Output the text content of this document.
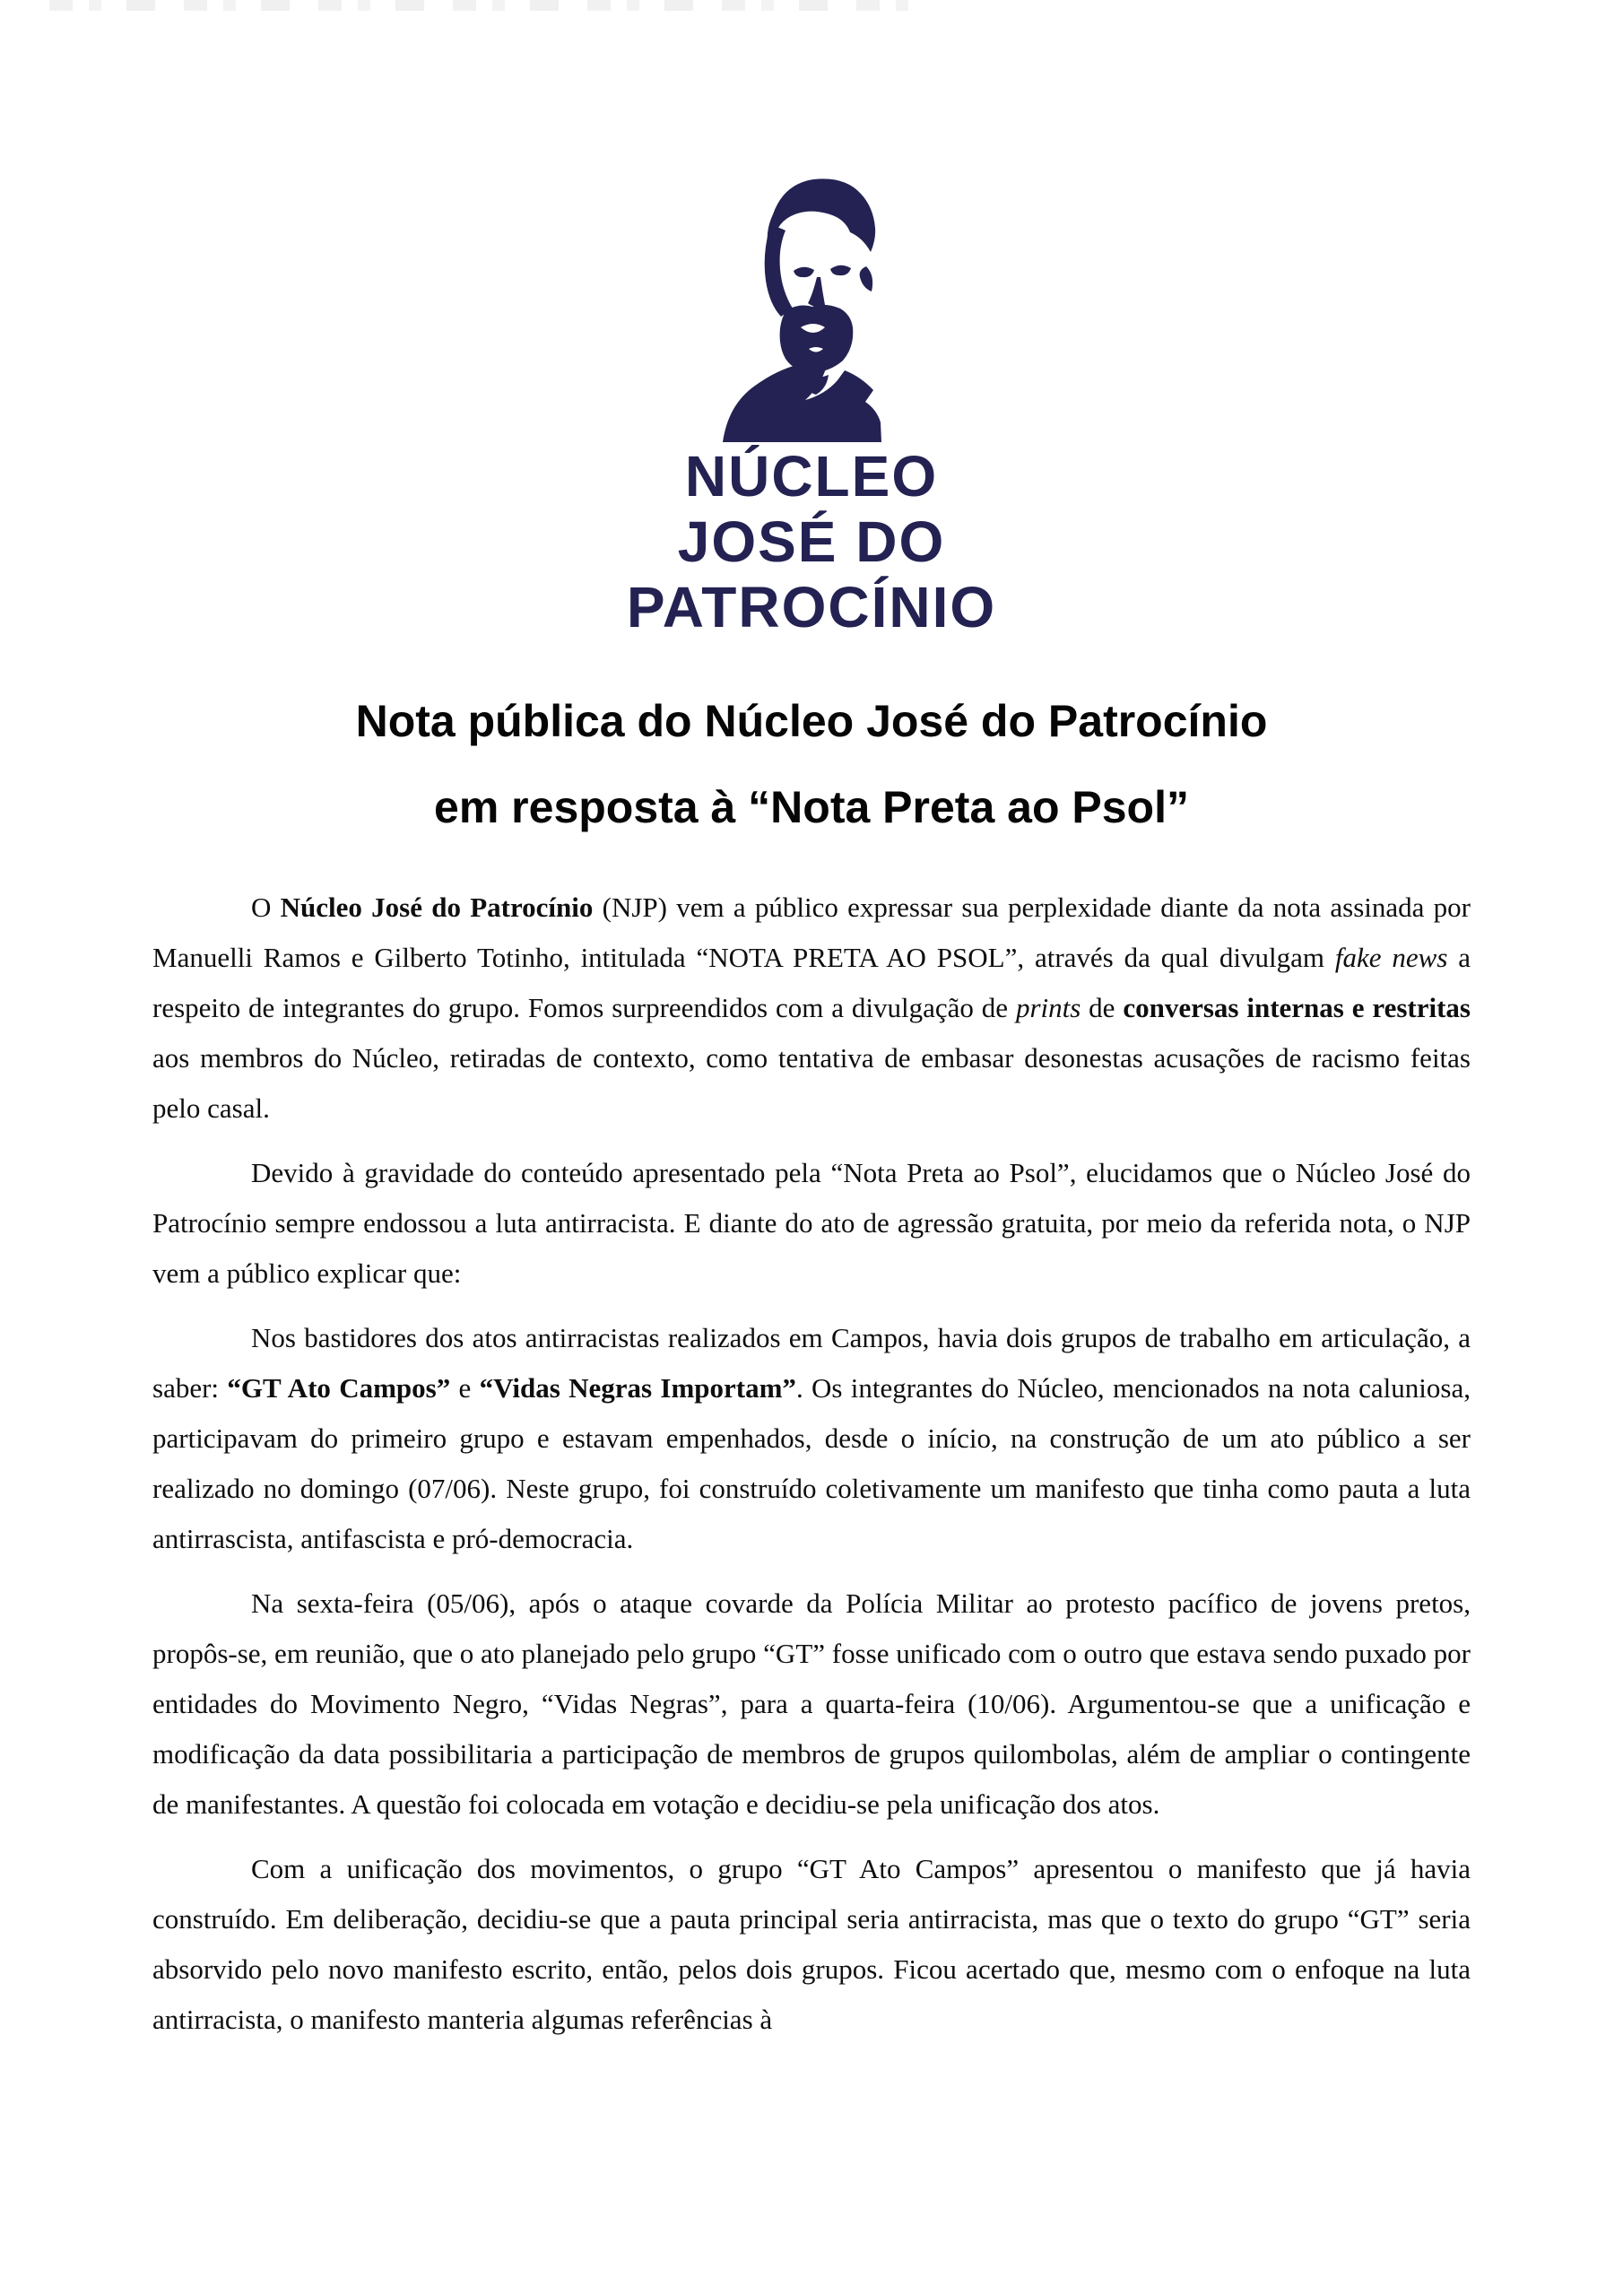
NÚCLEO
JOSÉ DO
PATROCÍNIO
Nota pública do Núcleo José do Patrocínio
em resposta à “Nota Preta ao Psol”

O Núcleo José do Patrocínio (NJP) vem a público expressar sua perplexidade diante da nota assinada por Manuelli Ramos e Gilberto Totinho, intitulada “NOTA PRETA AO PSOL”, através da qual divulgam fake news a respeito de integrantes do grupo. Fomos surpreendidos com a divulgação de prints de conversas internas e restritas aos membros do Núcleo, retiradas de contexto, como tentativa de embasar desonestas acusações de racismo feitas pelo casal.

Devido à gravidade do conteúdo apresentado pela “Nota Preta ao Psol”, elucidamos que o Núcleo José do Patrocínio sempre endossou a luta antirracista. E diante do ato de agressão gratuita, por meio da referida nota, o NJP vem a público explicar que:

Nos bastidores dos atos antirracistas realizados em Campos, havia dois grupos de trabalho em articulação, a saber: “GT Ato Campos” e “Vidas Negras Importam”. Os integrantes do Núcleo, mencionados na nota caluniosa, participavam do primeiro grupo e estavam empenhados, desde o início, na construção de um ato público a ser realizado no domingo (07/06). Neste grupo, foi construído coletivamente um manifesto que tinha como pauta a luta antirrascista, antifascista e pró-democracia.

Na sexta-feira (05/06), após o ataque covarde da Polícia Militar ao protesto pacífico de jovens pretos, propôs-se, em reunião, que o ato planejado pelo grupo “GT” fosse unificado com o outro que estava sendo puxado por entidades do Movimento Negro, “Vidas Negras”, para a quarta-feira (10/06). Argumentou-se que a unificação e modificação da data possibilitaria a participação de membros de grupos quilombolas, além de ampliar o contingente de manifestantes. A questão foi colocada em votação e decidiu-se pela unificação dos atos.

Com a unificação dos movimentos, o grupo “GT Ato Campos” apresentou o manifesto que já havia construído. Em deliberação, decidiu-se que a pauta principal seria antirracista, mas que o texto do grupo “GT” seria absorvido pelo novo manifesto escrito, então, pelos dois grupos. Ficou acertado que, mesmo com o enfoque na luta antirracista, o manifesto manteria algumas referências à
